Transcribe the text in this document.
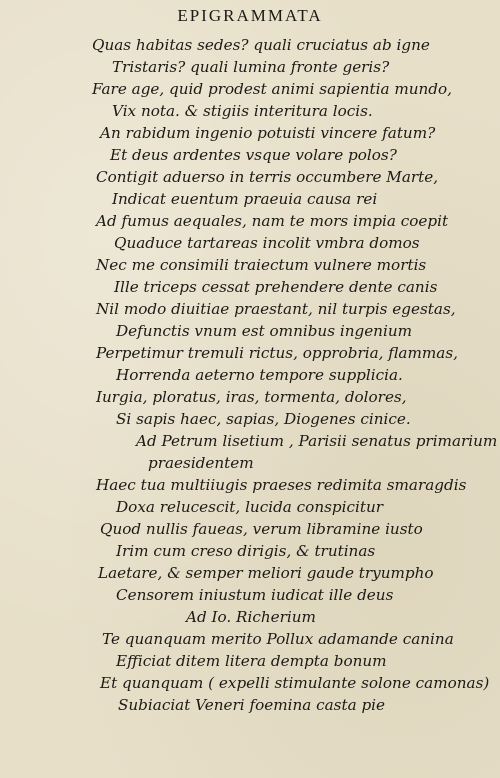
EPIGRAMMATA
Quas habitas sedes? quali cruciatus ab igne
Tristaris? quali lumina fronte geris?
Fare age, quid prodest animi sapientia mundo,
Vix nota. & stigiis interitura locis.
An rabidum ingenio potuisti vincere fatum?
Et deus ardentes vsque volare polos?
Contigit aduerso in terris occumbere Marte,
Indicat euentum praeuia causa rei
Ad fumus aequales, nam te mors impia coepit
Quaduce tartareas incolit vmbra domos
Nec me consimili traiectum vulnere mortis
Ille triceps cessat prehendere dente canis
Nil modo diuitiae praestant, nil turpis egestas,
Defunctis vnum est omnibus ingenium
Perpetimur tremuli rictus, opprobria, flammas,
Horrenda aeterno tempore supplicia.
Iurgia, ploratus, iras, tormenta, dolores,
Si sapis haec, sapias, Diogenes cinice.
Ad Petrum lisetium , Parisii senatus primarium
praesidentem
Haec tua multiiugis praeses redimita smaragdis
Doxa relucescit, lucida conspicitur
Quod nullis faueas, verum libramine iusto
Irim cum creso dirigis, & trutinas
Laetare, & semper meliori gaude tryumpho
Censorem iniustum iudicat ille deus
Ad Io. Richerium
Te quanquam merito Pollux adamande canina
Efficiat ditem litera dempta bonum
Et quanquam ( expelli stimulante solone camonas)
Subiaciat Veneri foemina casta pie
